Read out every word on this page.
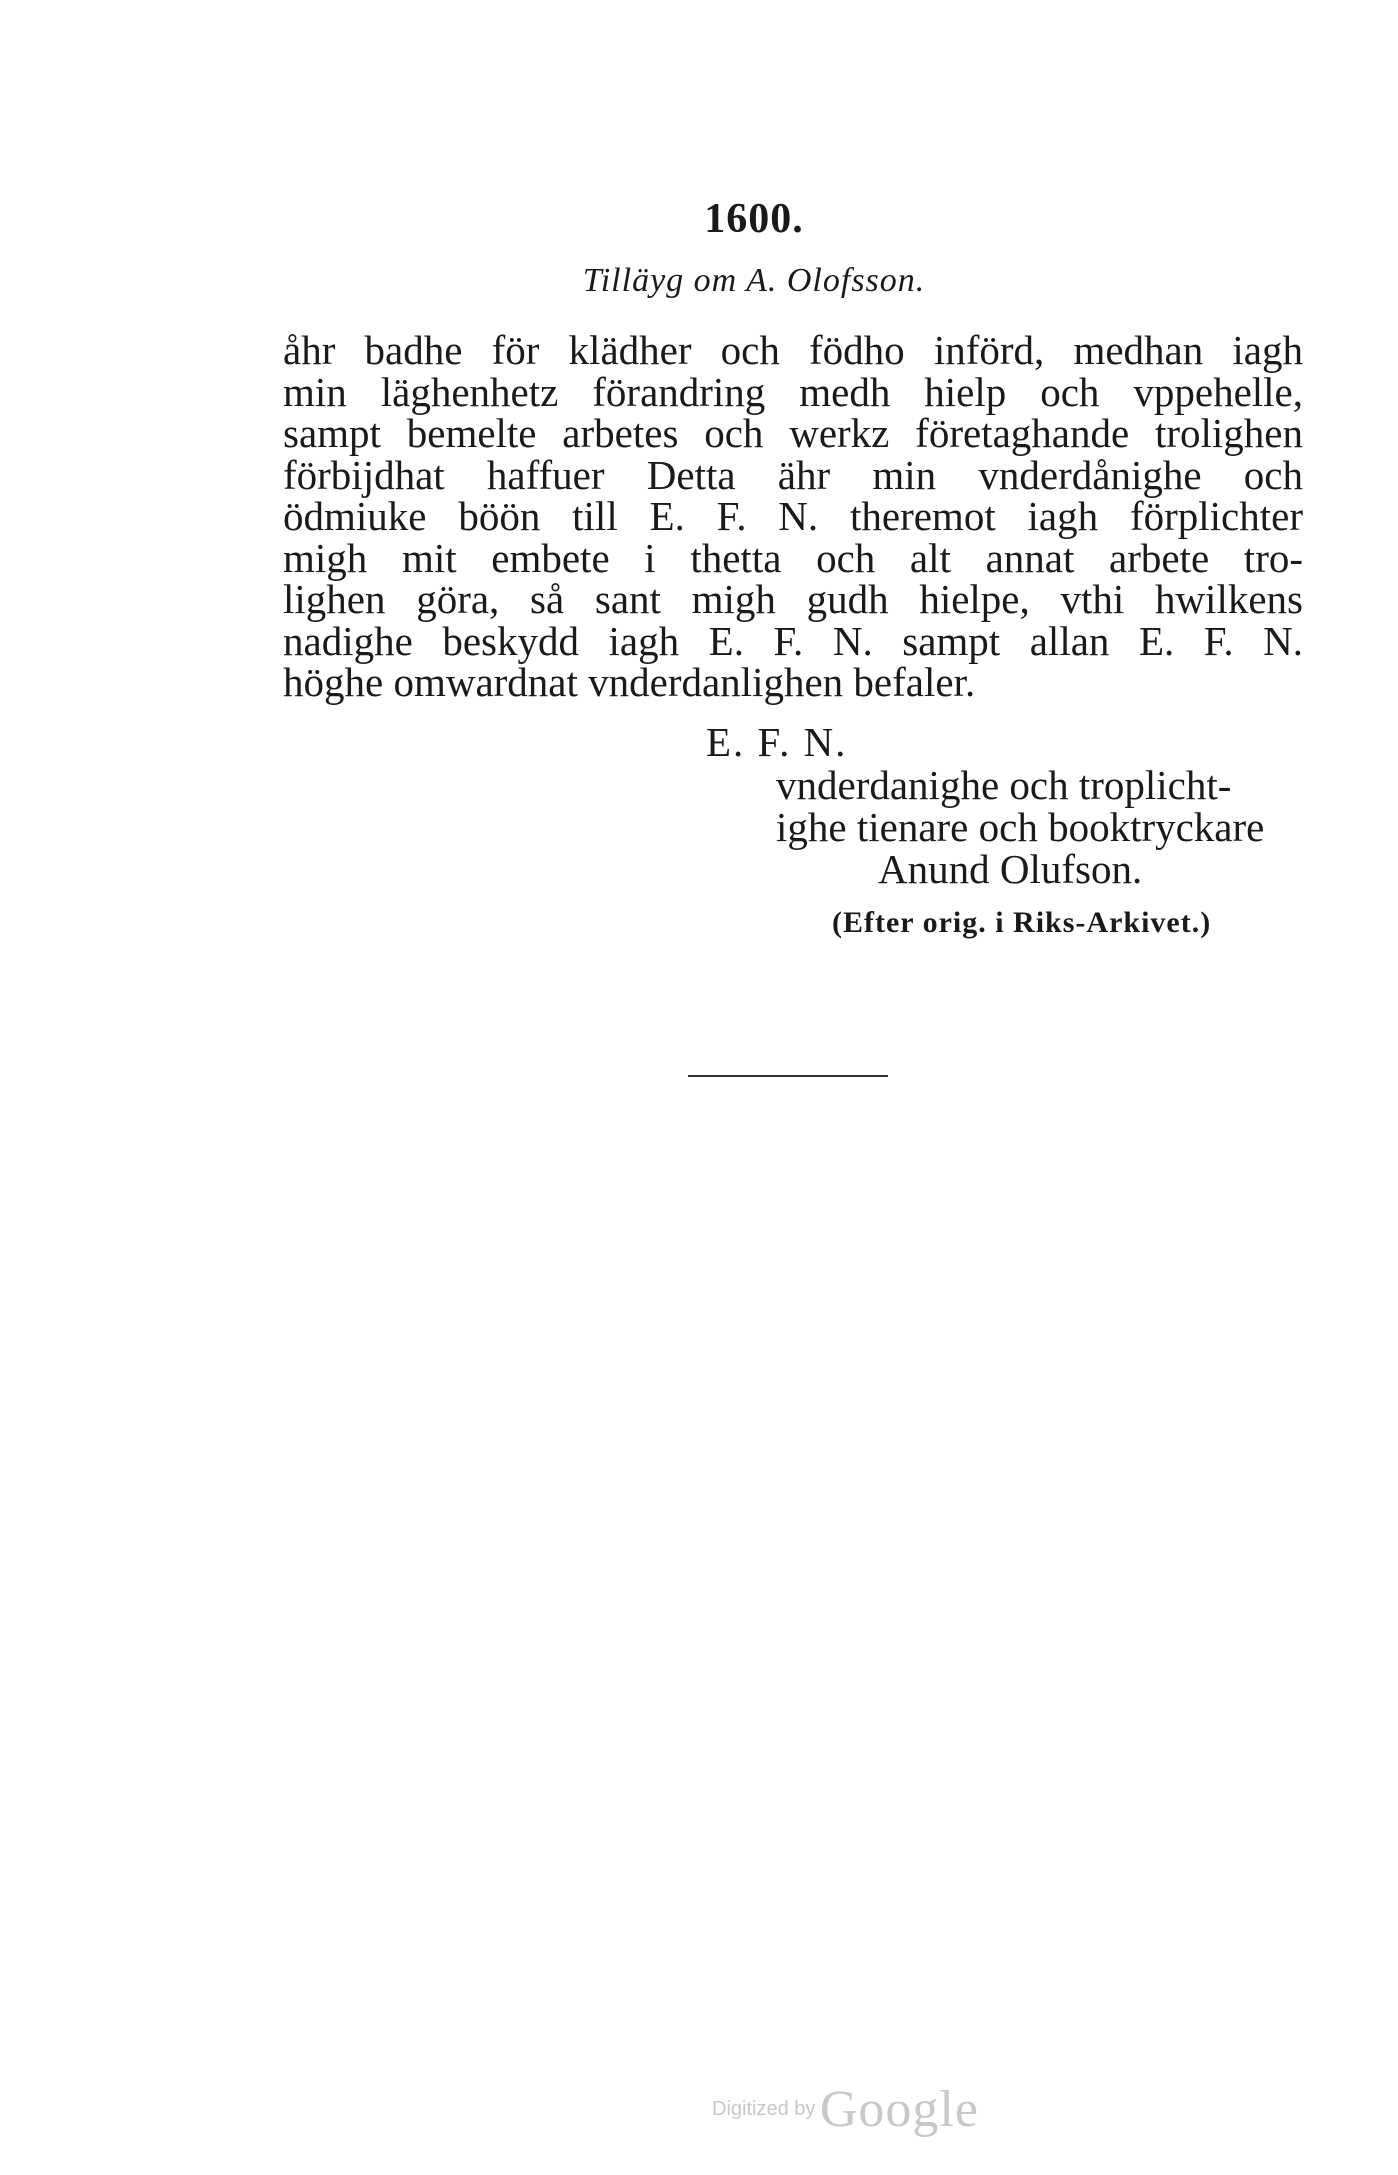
1600.
Tilläyg om A. Olofsson.
åhr badhe för klädher och födho införd, medhan iagh
min läghenhetz förandring medh hielp och vppehelle,
sampt bemelte arbetes och werkz företaghande trolighen
förbijdhat haffuer Detta ähr min vnderdånighe och
ödmiuke böön till E. F. N. theremot iagh förplichter
migh mit embete i thetta och alt annat arbete tro-
lighen göra, så sant migh gudh hielpe, vthi hwilkens
nadighe beskydd iagh E. F. N. sampt allan E. F. N.
höghe omwardnat vnderdanlighen befaler.
E. F. N.
vnderdanighe och troplicht-
ighe tienare och booktryckare
Anund Olufson.
(Efter orig. i Riks-Arkivet.)
Digitized by Google
